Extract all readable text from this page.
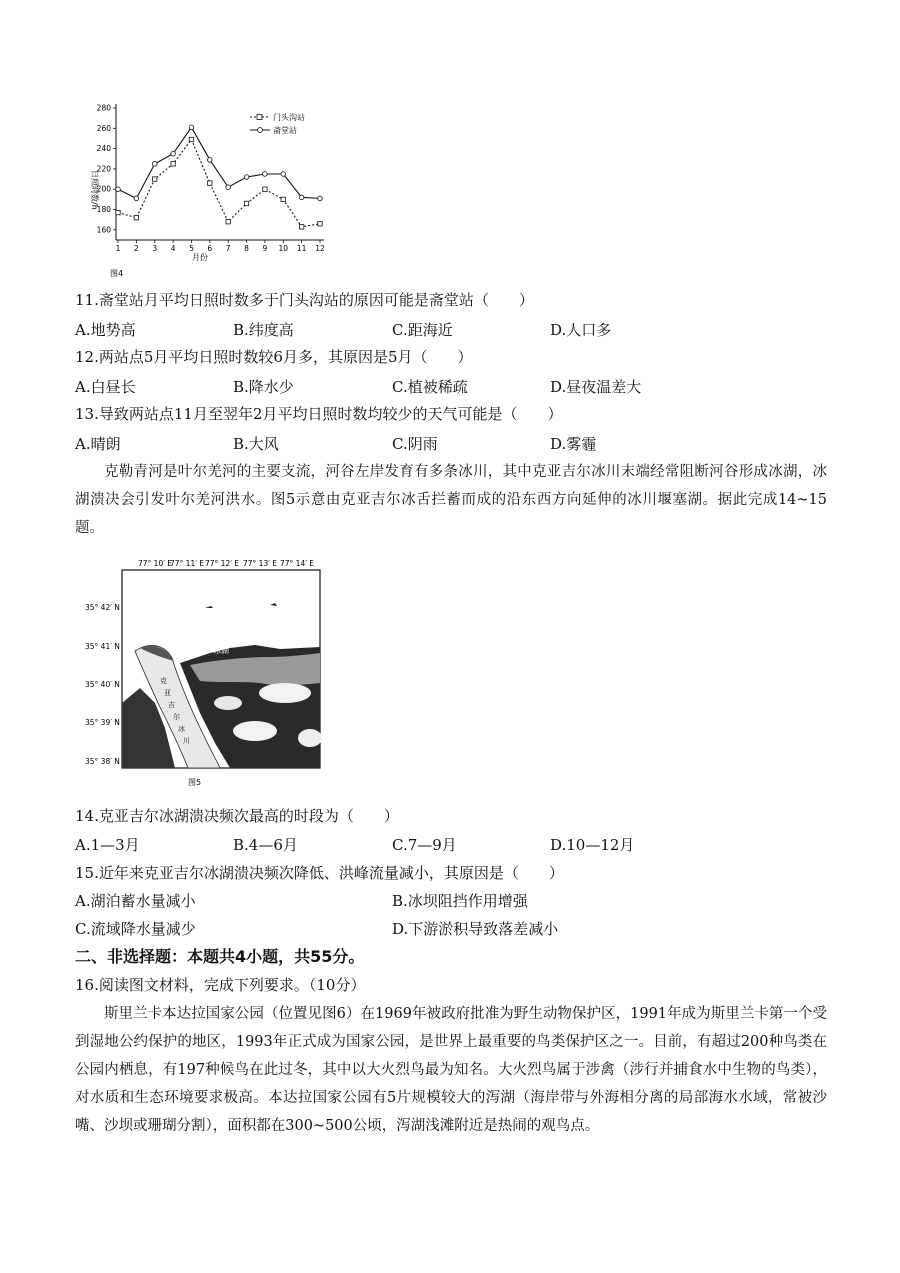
280
260
240
220
200
180
160
1 2 3 4 5 6 7 8 9 10 11 12
日照时数/h
月份
图4
门头沟站
斋堂站
11.斋堂站月平均日照时数多于门头沟站的原因可能是斋堂站（　　）
A.地势高	B.纬度高	C.距海近	D.人口多
12.两站点5月平均日照时数较6月多，其原因是5月（　　）
A.白昼长	B.降水少	C.植被稀疏	D.昼夜温差大
13.导致两站点11月至翌年2月平均日照时数均较少的天气可能是（　　）
A.晴朗	B.大风	C.阴雨	D.雾霾
克勒青河是叶尔羌河的主要支流，河谷左岸发育有多条冰川，其中克亚吉尔冰川末端经常阻断河谷形成冰湖，冰湖溃决会引发叶尔羌河洪水。图5示意由克亚吉尔冰舌拦蓄而成的沿东西方向延伸的冰川堰塞湖。据此完成14~15题。
77° 10′ E
77° 11′ E 77° 12′ E 77° 13′ E 77° 14′ E
35° 42′ N
35° 41′ N
35° 40′ N
35° 39′ N
35° 38′ N
冰湖
克
亚
吉
尔
冰
川
图5
14.克亚吉尔冰湖溃决频次最高的时段为（　　）
A.1—3月	B.4—6月	C.7—9月	D.10—12月
15.近年来克亚吉尔冰湖溃决频次降低、洪峰流量减小，其原因是（　　）
A.湖泊蓄水量减小	B.冰坝阻挡作用增强
C.流域降水量减少	D.下游淤积导致落差减小
二、非选择题：本题共4小题，共55分。
16.阅读图文材料，完成下列要求。（10分）
斯里兰卡本达拉国家公园（位置见图6）在1969年被政府批准为野生动物保护区，1991年成为斯里兰卡第一个受到湿地公约保护的地区，1993年正式成为国家公园，是世界上最重要的鸟类保护区之一。目前，有超过200种鸟类在公园内栖息，有197种候鸟在此过冬，其中以大火烈鸟最为知名。大火烈鸟属于涉禽（涉行并捕食水中生物的鸟类），对水质和生态环境要求极高。本达拉国家公园有5片规模较大的泻湖（海岸带与外海相分离的局部海水水域，常被沙嘴、沙坝或珊瑚分割），面积都在300~500公顷，泻湖浅滩附近是热闹的观鸟点。
